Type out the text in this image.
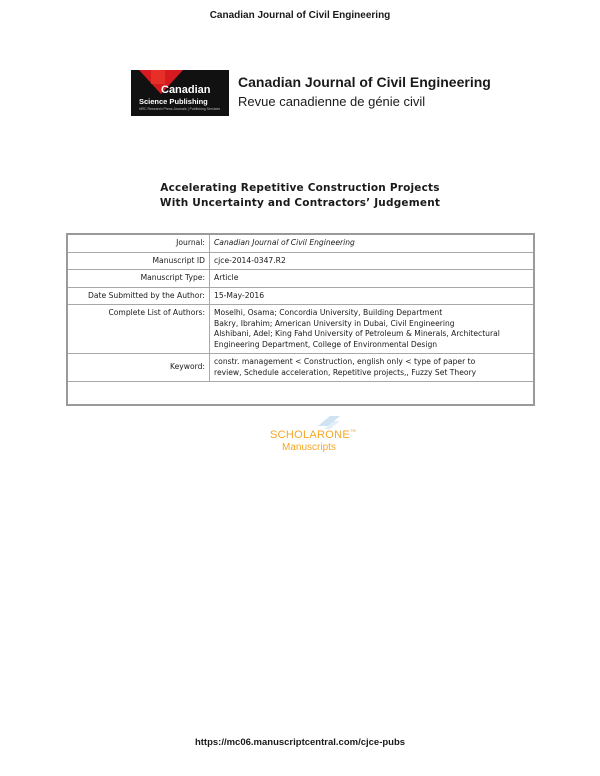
Canadian Journal of Civil Engineering
Canadian
Science Publishing
NRC Research Press Journals | Publishing Services
Canadian Journal of Civil Engineering
Revue canadienne de génie civil
Accelerating Repetitive Construction Projects
With Uncertainty and Contractors’ Judgement
Journal:	Canadian Journal of Civil Engineering
Manuscript ID	cjce-2014-0347.R2
Manuscript Type:	Article
Date Submitted by the Author:	15-May-2016
Complete List of Authors:	Moselhi, Osama; Concordia University, Building Department
Bakry, Ibrahim; American University in Dubai, Civil Engineering
Alshibani, Adel; King Fahd University of Petroleum & Minerals, Architectural
Engineering Department, College of Environmental Design

Keyword:	constr. management < Construction, english only < type of paper to
review, Schedule acceleration, Repetitive projects,, Fuzzy Set Theory

SCHOLARONE™
Manuscripts
https://mc06.manuscriptcentral.com/cjce-pubs
